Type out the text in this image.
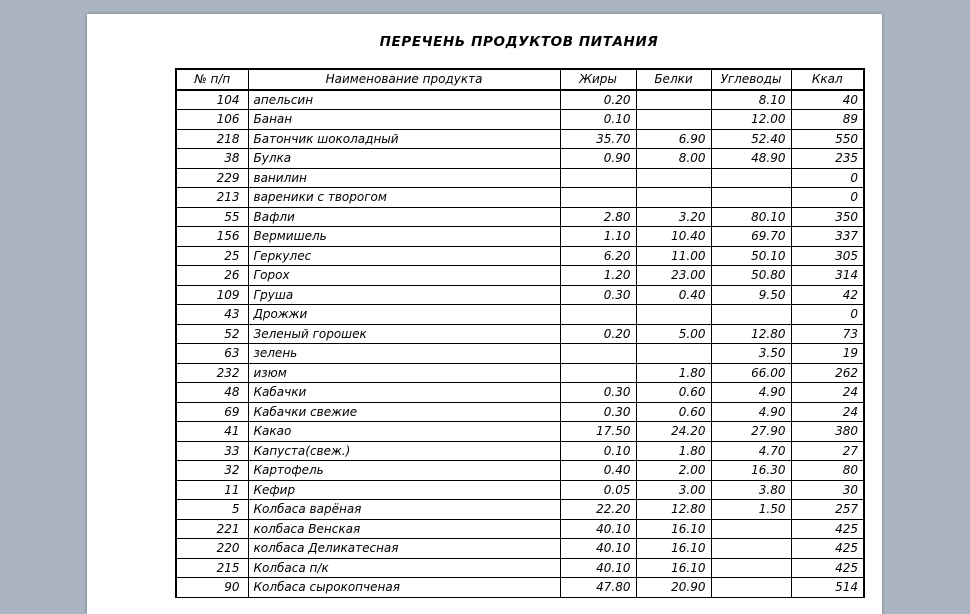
ПЕРЕЧЕНЬ ПРОДУКТОВ ПИТАНИЯ
№ п/п	Наименование продукта	Жиры	Белки	Углеводы	Ккал
104	апельсин	0.20		8.10	40
106	Банан	0.10		12.00	89
218	Батончик шоколадный	35.70	6.90	52.40	550
38	Булка	0.90	8.00	48.90	235
229	ванилин				0
213	вареники с творогом				0
55	Вафли	2.80	3.20	80.10	350
156	Вермишель	1.10	10.40	69.70	337
25	Геркулес	6.20	11.00	50.10	305
26	Горох	1.20	23.00	50.80	314
109	Груша	0.30	0.40	9.50	42
43	Дрожжи				0
52	Зеленый горошек	0.20	5.00	12.80	73
63	зелень			3.50	19
232	изюм		1.80	66.00	262
48	Кабачки	0.30	0.60	4.90	24
69	Кабачки свежие	0.30	0.60	4.90	24
41	Какао	17.50	24.20	27.90	380
33	Капуста(свеж.)	0.10	1.80	4.70	27
32	Картофель	0.40	2.00	16.30	80
11	Кефир	0.05	3.00	3.80	30
5	Колбаса варёная	22.20	12.80	1.50	257
221	колбаса Венская	40.10	16.10		425
220	колбаса Деликатесная	40.10	16.10		425
215	Колбаса п/к	40.10	16.10		425
90	Колбаса сырокопченая	47.80	20.90		514
